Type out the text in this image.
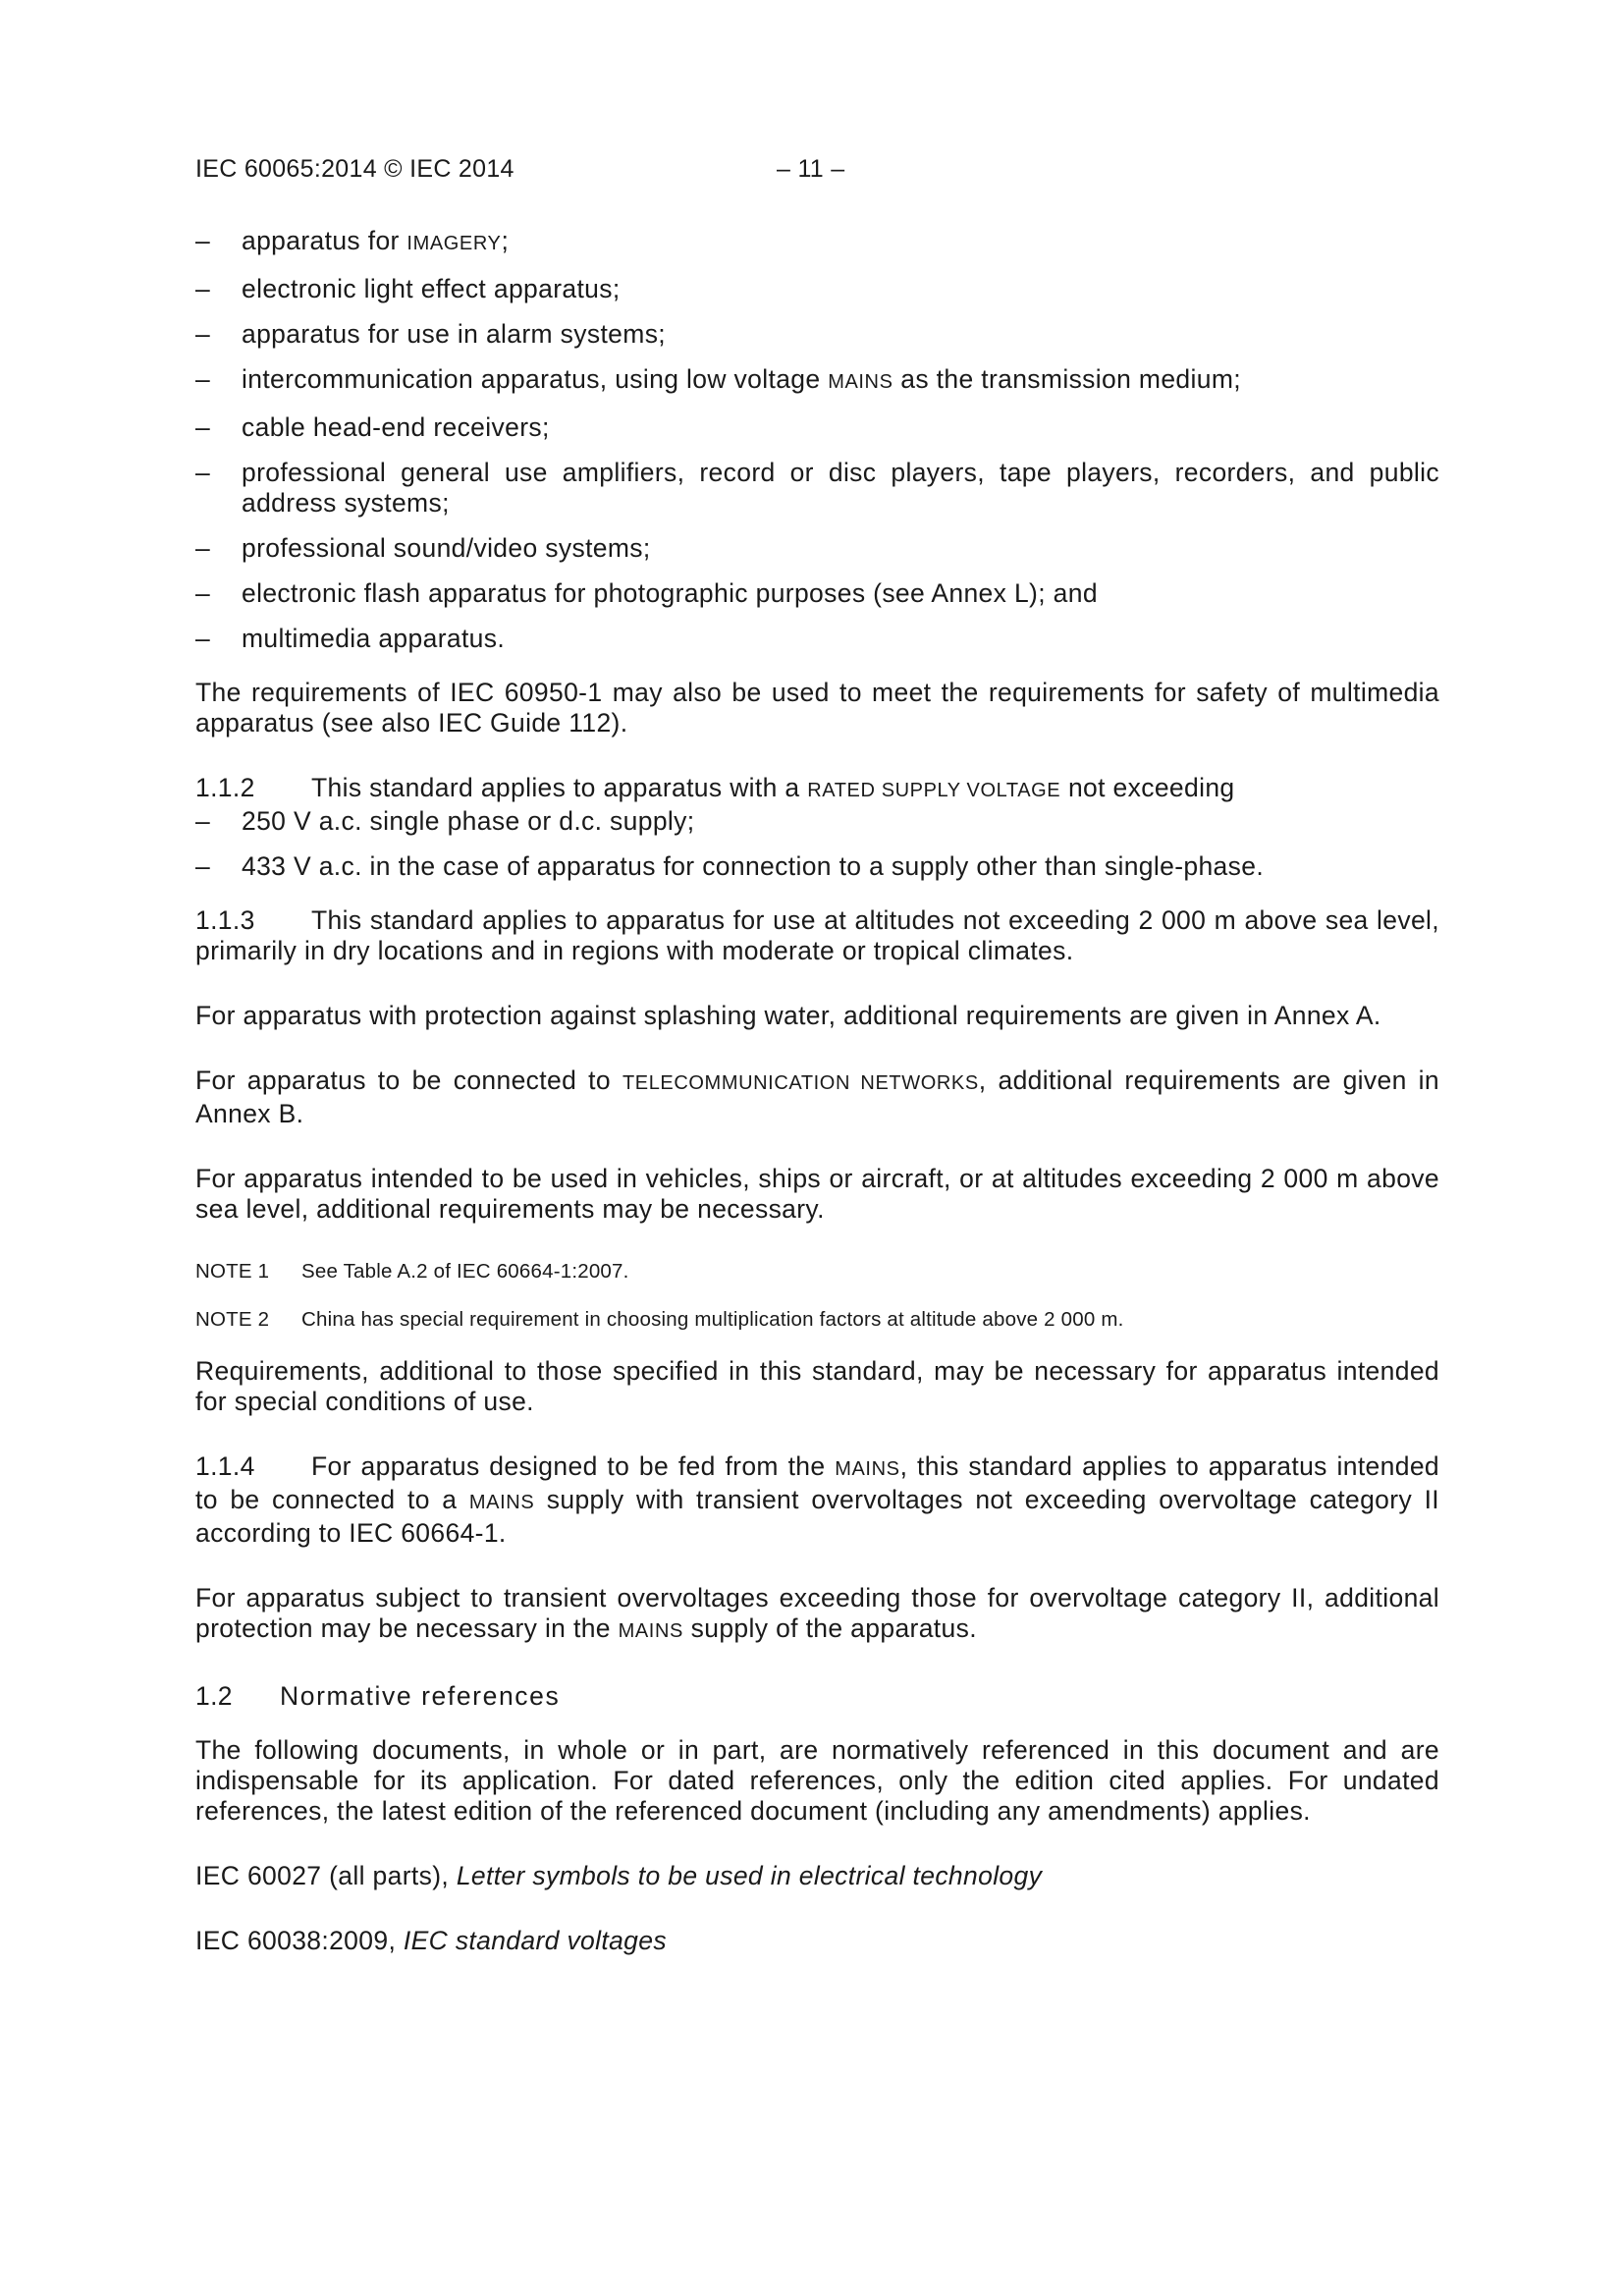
IEC 60065:2014 © IEC 2014	– 11 –
– apparatus for IMAGERY;
– electronic light effect apparatus;
– apparatus for use in alarm systems;
– intercommunication apparatus, using low voltage MAINS as the transmission medium;
– cable head-end receivers;
– professional general use amplifiers, record or disc players, tape players, recorders, and public address systems;
– professional sound/video systems;
– electronic flash apparatus for photographic purposes (see Annex L); and
– multimedia apparatus.

The requirements of IEC 60950-1 may also be used to meet the requirements for safety of multimedia apparatus (see also IEC Guide 112).

1.1.2 This standard applies to apparatus with a RATED SUPPLY VOLTAGE not exceeding

– 250 V a.c. single phase or d.c. supply;
– 433 V a.c. in the case of apparatus for connection to a supply other than single-phase.

1.1.3 This standard applies to apparatus for use at altitudes not exceeding 2 000 m above sea level, primarily in dry locations and in regions with moderate or tropical climates.

For apparatus with protection against splashing water, additional requirements are given in Annex A.

For apparatus to be connected to TELECOMMUNICATION NETWORKS, additional requirements are given in Annex B.

For apparatus intended to be used in vehicles, ships or aircraft, or at altitudes exceeding 2 000 m above sea level, additional requirements may be necessary.

NOTE 1 See Table A.2 of IEC 60664-1:2007.

NOTE 2 China has special requirement in choosing multiplication factors at altitude above 2 000 m.

Requirements, additional to those specified in this standard, may be necessary for apparatus intended for special conditions of use.

1.1.4 For apparatus designed to be fed from the MAINS, this standard applies to apparatus intended to be connected to a MAINS supply with transient overvoltages not exceeding overvoltage category II according to IEC 60664-1.

For apparatus subject to transient overvoltages exceeding those for overvoltage category II, additional protection may be necessary in the MAINS supply of the apparatus.

1.2 Normative references

The following documents, in whole or in part, are normatively referenced in this document and are indispensable for its application. For dated references, only the edition cited applies. For undated references, the latest edition of the referenced document (including any amendments) applies.

IEC 60027 (all parts), Letter symbols to be used in electrical technology

IEC 60038:2009, IEC standard voltages
